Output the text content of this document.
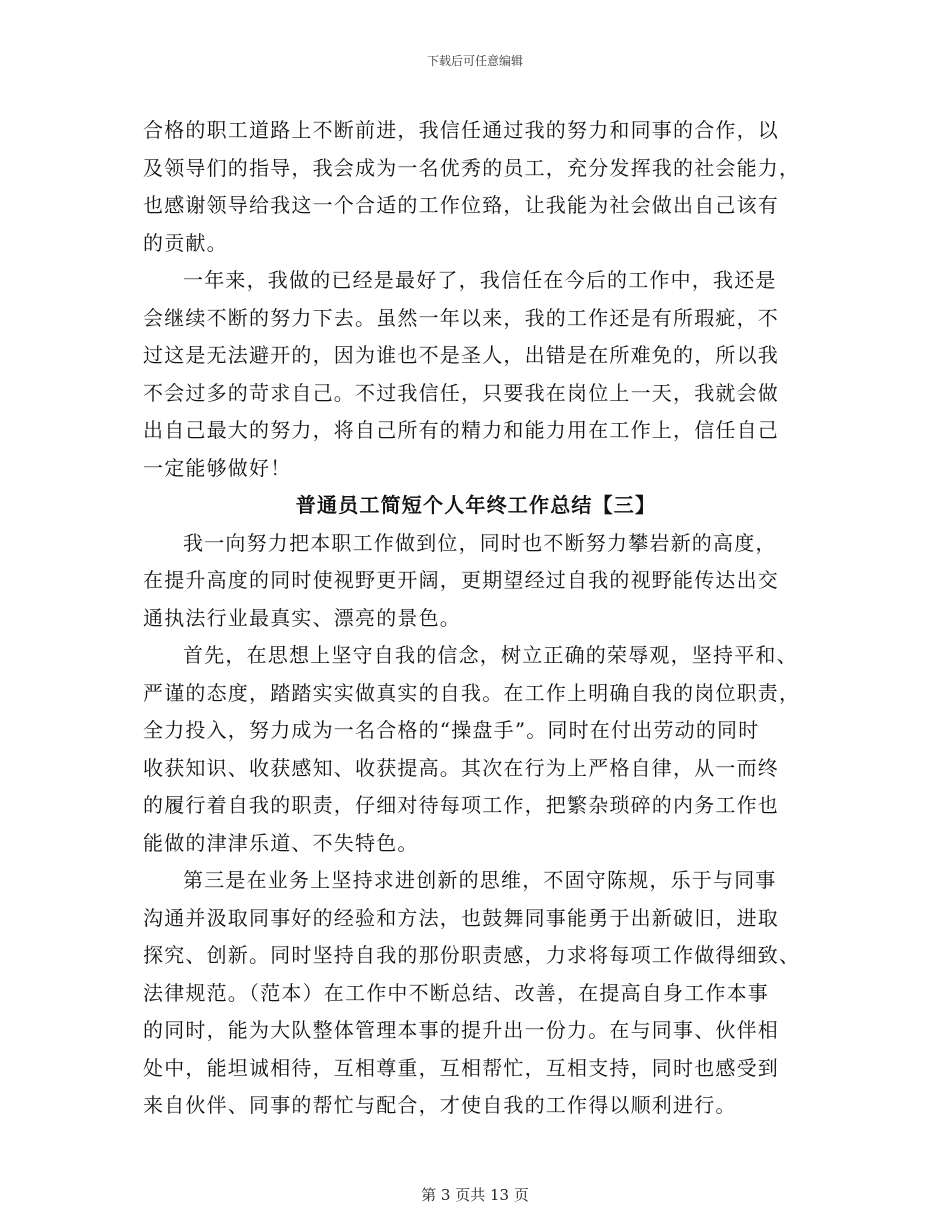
下载后可任意编辑
合格的职工道路上不断前进，我信任通过我的努力和同事的合作，以
及领导们的指导，我会成为一名优秀的员工，充分发挥我的社会能力，
也感谢领导给我这一个合适的工作位臵，让我能为社会做出自己该有
的贡献。
一年来，我做的已经是最好了，我信任在今后的工作中，我还是
会继续不断的努力下去。虽然一年以来，我的工作还是有所瑕疵，不
过这是无法避开的，因为谁也不是圣人，出错是在所难免的，所以我
不会过多的苛求自己。不过我信任，只要我在岗位上一天，我就会做
出自己最大的努力，将自己所有的精力和能力用在工作上，信任自己
一定能够做好！
普通员工简短个人年终工作总结【三】
我一向努力把本职工作做到位，同时也不断努力攀岩新的高度，
在提升高度的同时使视野更开阔，更期望经过自我的视野能传达出交
通执法行业最真实、漂亮的景色。
首先，在思想上坚守自我的信念，树立正确的荣辱观，坚持平和、
严谨的态度，踏踏实实做真实的自我。在工作上明确自我的岗位职责，
全力投入，努力成为一名合格的“操盘手”。同时在付出劳动的同时
收获知识、收获感知、收获提高。其次在行为上严格自律，从一而终
的履行着自我的职责，仔细对待每项工作，把繁杂琐碎的内务工作也
能做的津津乐道、不失特色。
第三是在业务上坚持求进创新的思维，不固守陈规，乐于与同事
沟通并汲取同事好的经验和方法，也鼓舞同事能勇于出新破旧，进取
探究、创新。同时坚持自我的那份职责感，力求将每项工作做得细致、
法律规范。（范本）在工作中不断总结、改善，在提高自身工作本事
的同时，能为大队整体管理本事的提升出一份力。在与同事、伙伴相
处中，能坦诚相待，互相尊重，互相帮忙，互相支持，同时也感受到
来自伙伴、同事的帮忙与配合，才使自我的工作得以顺利进行。
第 3 页共 13 页
